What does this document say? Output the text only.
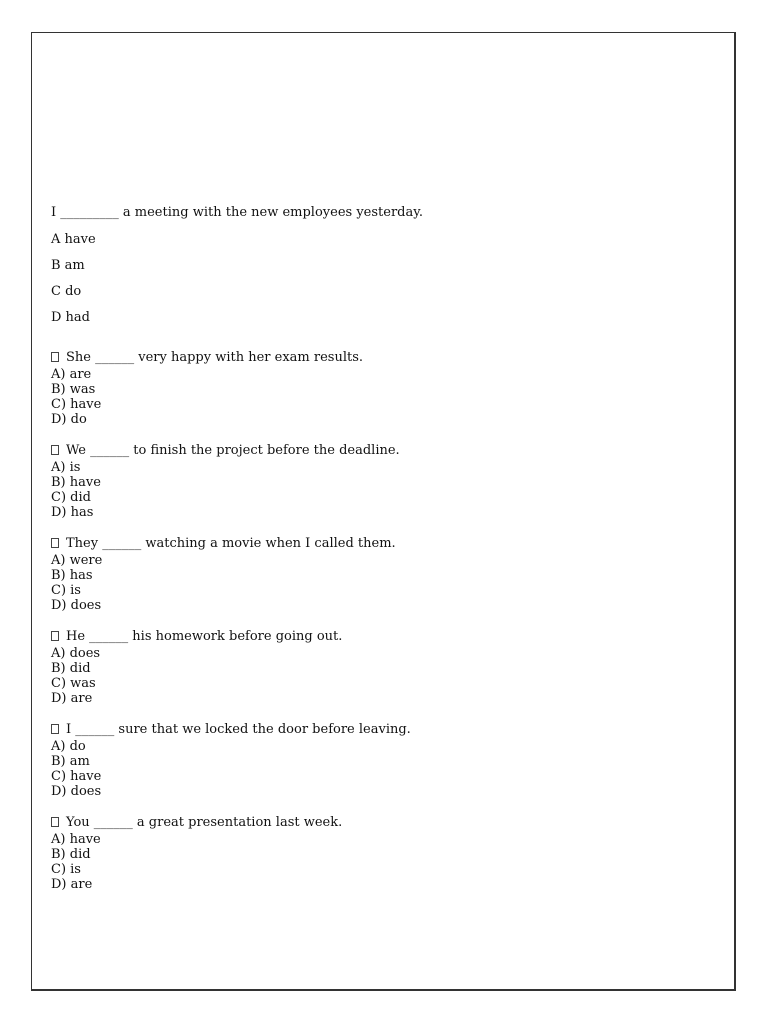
I _________ a meeting with the new employees yesterday.
A have
B am
C do
D had
She ______ very happy with her exam results.
A) are
B) was
C) have
D) do
We ______ to finish the project before the deadline.
A) is
B) have
C) did
D) has
They ______ watching a movie when I called them.
A) were
B) has
C) is
D) does
He ______ his homework before going out.
A) does
B) did
C) was
D) are
I ______ sure that we locked the door before leaving.
A) do
B) am
C) have
D) does
You ______ a great presentation last week.
A) have
B) did
C) is
D) are
